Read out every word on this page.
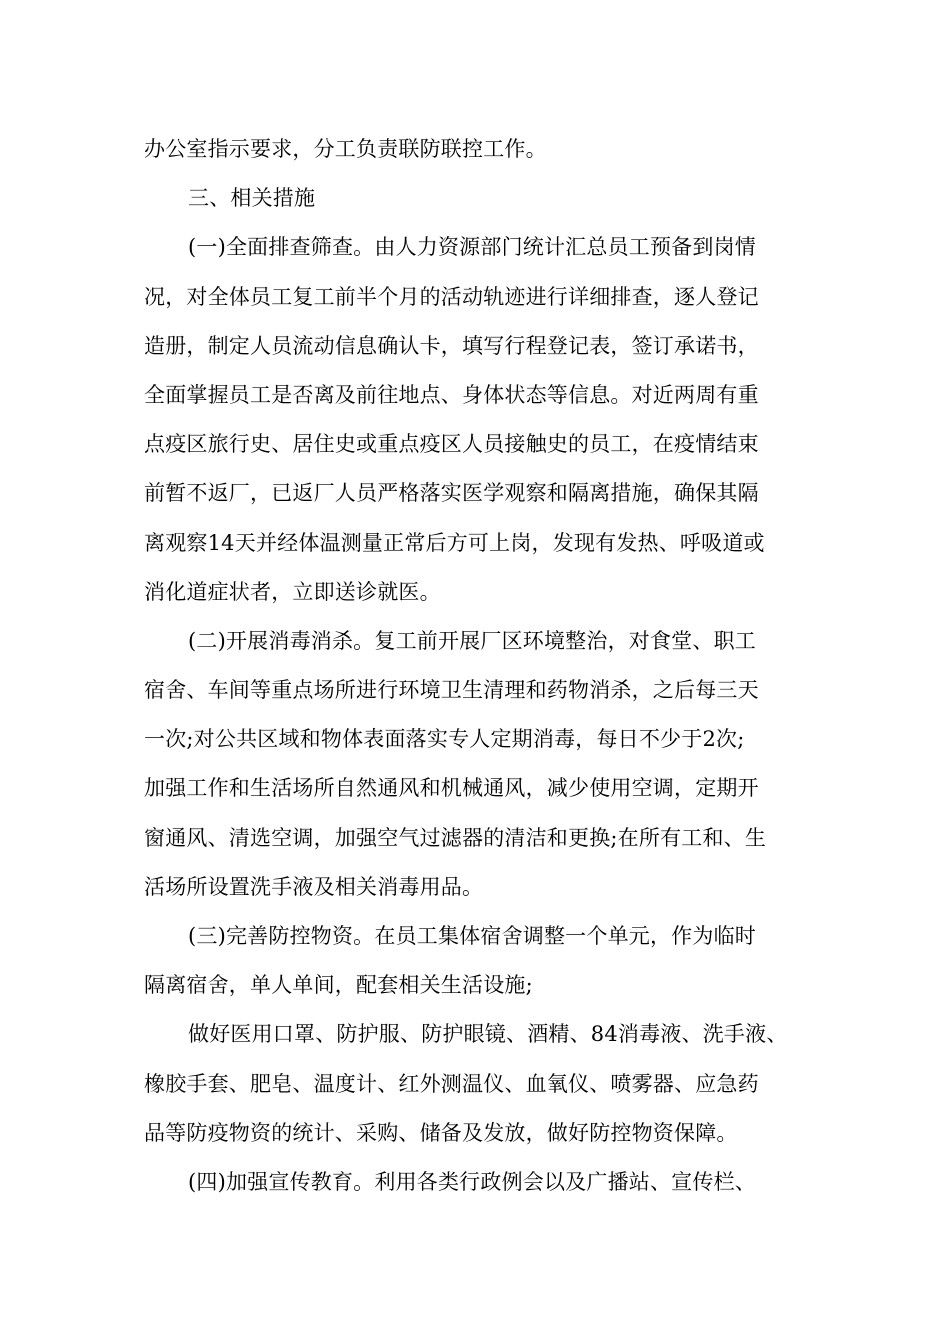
办公室指示要求，分工负责联防联控工作。
三、相关措施
(一)全面排查筛查。由人力资源部门统计汇总员工预备到岗情
况，对全体员工复工前半个月的活动轨迹进行详细排查，逐人登记
造册，制定人员流动信息确认卡，填写行程登记表，签订承诺书，
全面掌握员工是否离及前往地点、身体状态等信息。对近两周有重
点疫区旅行史、居住史或重点疫区人员接触史的员工，在疫情结束
前暂不返厂，已返厂人员严格落实医学观察和隔离措施，确保其隔
离观察14天并经体温测量正常后方可上岗，发现有发热、呼吸道或
消化道症状者，立即送诊就医。
(二)开展消毒消杀。复工前开展厂区环境整治，对食堂、职工
宿舍、车间等重点场所进行环境卫生清理和药物消杀，之后每三天
一次;对公共区域和物体表面落实专人定期消毒，每日不少于2次;
加强工作和生活场所自然通风和机械通风，减少使用空调，定期开
窗通风、清选空调，加强空气过滤器的清洁和更换;在所有工和、生
活场所设置洗手液及相关消毒用品。
(三)完善防控物资。在员工集体宿舍调整一个单元，作为临时
隔离宿舍，单人单间，配套相关生活设施;
做好医用口罩、防护服、防护眼镜、酒精、84消毒液、洗手液、
橡胶手套、肥皂、温度计、红外测温仪、血氧仪、喷雾器、应急药
品等防疫物资的统计、采购、储备及发放，做好防控物资保障。
(四)加强宣传教育。利用各类行政例会以及广播站、宣传栏、
